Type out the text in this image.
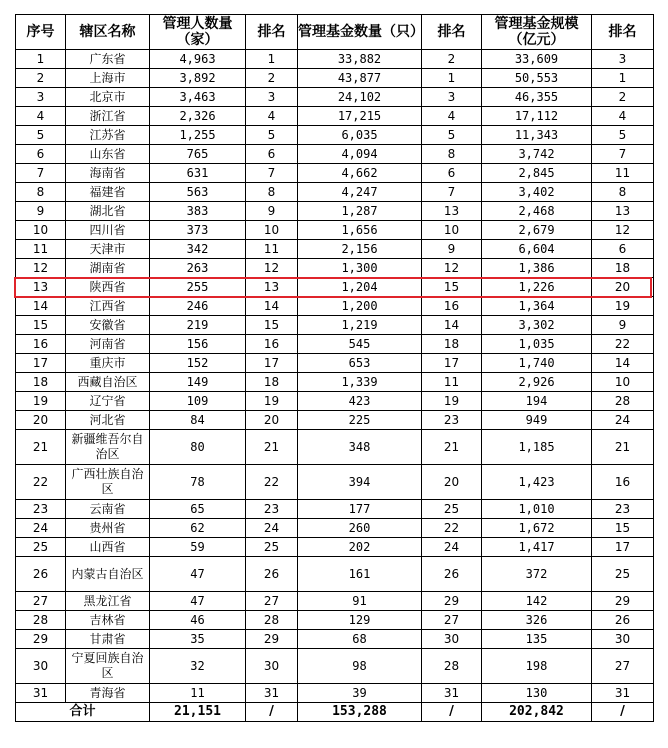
序号	辖区名称	管理人数量（家）	排名	管理基金数量（只）	排名	管理基金规模（亿元）	排名
1	广东省	4,963	1	33,882	2	33,609	3
2	上海市	3,892	2	43,877	1	50,553	1
3	北京市	3,463	3	24,102	3	46,355	2
4	浙江省	2,326	4	17,215	4	17,112	4
5	江苏省	1,255	5	6,035	5	11,343	5
6	山东省	765	6	4,094	8	3,742	7
7	海南省	631	7	4,662	6	2,845	11
8	福建省	563	8	4,247	7	3,402	8
9	湖北省	383	9	1,287	13	2,468	13
10	四川省	373	10	1,656	10	2,679	12
11	天津市	342	11	2,156	9	6,604	6
12	湖南省	263	12	1,300	12	1,386	18
13	陕西省	255	13	1,204	15	1,226	20
14	江西省	246	14	1,200	16	1,364	19
15	安徽省	219	15	1,219	14	3,302	9
16	河南省	156	16	545	18	1,035	22
17	重庆市	152	17	653	17	1,740	14
18	西藏自治区	149	18	1,339	11	2,926	10
19	辽宁省	109	19	423	19	194	28
20	河北省	84	20	225	23	949	24
21	新疆维吾尔自治区	80	21	348	21	1,185	21
22	广西壮族自治区	78	22	394	20	1,423	16
23	云南省	65	23	177	25	1,010	23
24	贵州省	62	24	260	22	1,672	15
25	山西省	59	25	202	24	1,417	17
26	内蒙古自治区	47	26	161	26	372	25
27	黑龙江省	47	27	91	29	142	29
28	吉林省	46	28	129	27	326	26
29	甘肃省	35	29	68	30	135	30
30	宁夏回族自治区	32	30	98	28	198	27
31	青海省	11	31	39	31	130	31
合计		21,151	/	153,288	/	202,842	/
